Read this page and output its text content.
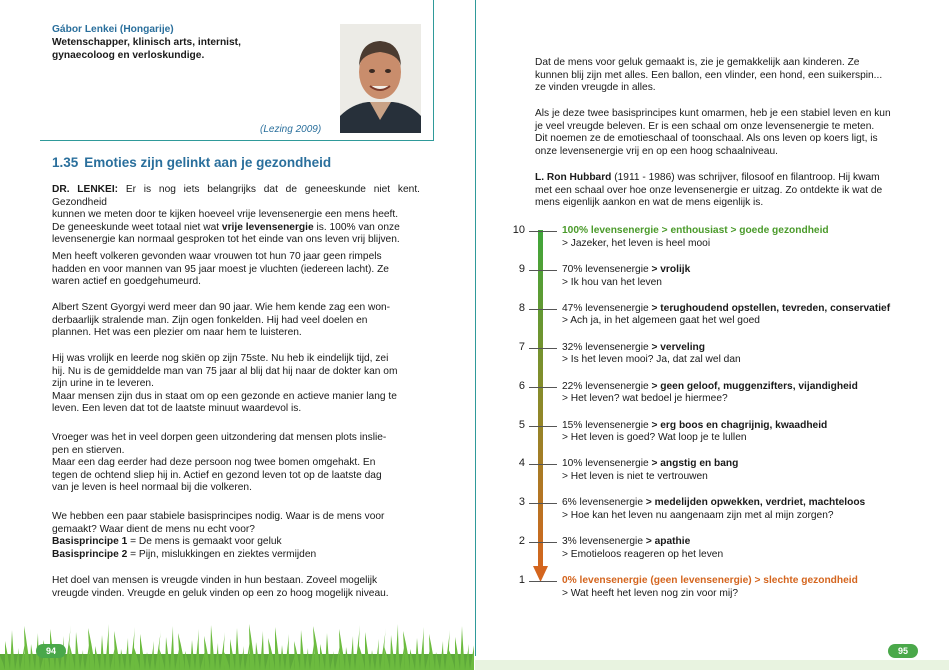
Gábor Lenkei (Hongarije)
Wetenschapper, klinisch arts, internist,
gynaecoloog en verloskundige.
(Lezing 2009)
1.35 Emoties zijn gelinkt aan je gezondheid
DR. LENKEI: Er is nog iets belangrijks dat de geneeskunde niet kent. Gezondheid
kunnen we meten door te kijken hoeveel vrije levensenergie een mens heeft.
De geneeskunde weet totaal niet wat vrije levensenergie is. 100% van onze
levensenergie kan normaal gesproken tot het einde van ons leven vrij blijven.
Men heeft volkeren gevonden waar vrouwen tot hun 70 jaar geen rimpels
hadden en voor mannen van 95 jaar moest je vluchten (iedereen lacht). Ze
waren actief en goedgehumeurd.
Albert Szent Gyorgyi werd meer dan 90 jaar. Wie hem kende zag een won-
derbaarlijk stralende man. Zijn ogen fonkelden. Hij had veel doelen en
plannen. Het was een plezier om naar hem te luisteren.
Hij was vrolijk en leerde nog skiën op zijn 75ste. Nu heb ik eindelijk tijd, zei
hij. Nu is de gemiddelde man van 75 jaar al blij dat hij naar de dokter kan om
zijn urine in te leveren.
Maar mensen zijn dus in staat om op een gezonde en actieve manier lang te
leven. Een leven dat tot de laatste minuut waardevol is.
Vroeger was het in veel dorpen geen uitzondering dat mensen plots inslie-
pen en stierven.
Maar een dag eerder had deze persoon nog twee bomen omgehakt. En
tegen de ochtend sliep hij in. Actief en gezond leven tot op de laatste dag
van je leven is heel normaal bij die volkeren.
We hebben een paar stabiele basisprincipes nodig. Waar is de mens voor
gemaakt? Waar dient de mens nu echt voor?
Basisprincipe 1 = De mens is gemaakt voor geluk
Basisprincipe 2 = Pijn, mislukkingen en ziektes vermijden
Het doel van mensen is vreugde vinden in hun bestaan. Zoveel mogelijk
vreugde vinden. Vreugde en geluk vinden op een zo hoog mogelijk niveau.
94
Dat de mens voor geluk gemaakt is, zie je gemakkelijk aan kinderen. Ze
kunnen blij zijn met alles. Een ballon, een vlinder, een hond, een suikerspin...
ze vinden vreugde in alles.
Als je deze twee basisprincipes kunt omarmen, heb je een stabiel leven en kun
je veel vreugde beleven. Er is een schaal om onze levensenergie te meten.
Dit noemen ze de emotieschaal of toonschaal. Als ons leven op koers ligt, is
onze levensenergie vrij en op een hoog schaalniveau.
L. Ron Hubbard (1911 - 1986) was schrijver, filosoof en filantroop. Hij kwam
met een schaal over hoe onze levensenergie er uitzag. Zo ontdekte ik wat de
mens eigenlijk aankon en wat de mens eigenlijk is.
10	100% levensenergie > enthousiast > goede gezondheid
> Jazeker, het leven is heel mooi
9	70% levensenergie > vrolijk
> Ik hou van het leven
8	47% levensenergie > terughoudend opstellen, tevreden, conservatief
> Ach ja, in het algemeen gaat het wel goed
7	32% levensenergie > verveling
> Is het leven mooi? Ja, dat zal wel dan
6	22% levensenergie > geen geloof, muggenzifters, vijandigheid
> Het leven? wat bedoel je hiermee?
5	15% levensenergie > erg boos en chagrijnig, kwaadheid
> Het leven is goed? Wat loop je te lullen
4	10% levensenergie > angstig en bang
> Het leven is niet te vertrouwen
3	6% levensenergie > medelijden opwekken, verdriet, machteloos
> Hoe kan het leven nu aangenaam zijn met al mijn zorgen?
2	3% levensenergie > apathie
> Emotieloos reageren op het leven
1	0% levensenergie (geen levensenergie) > slechte gezondheid
> Wat heeft het leven nog zin voor mij?
95
